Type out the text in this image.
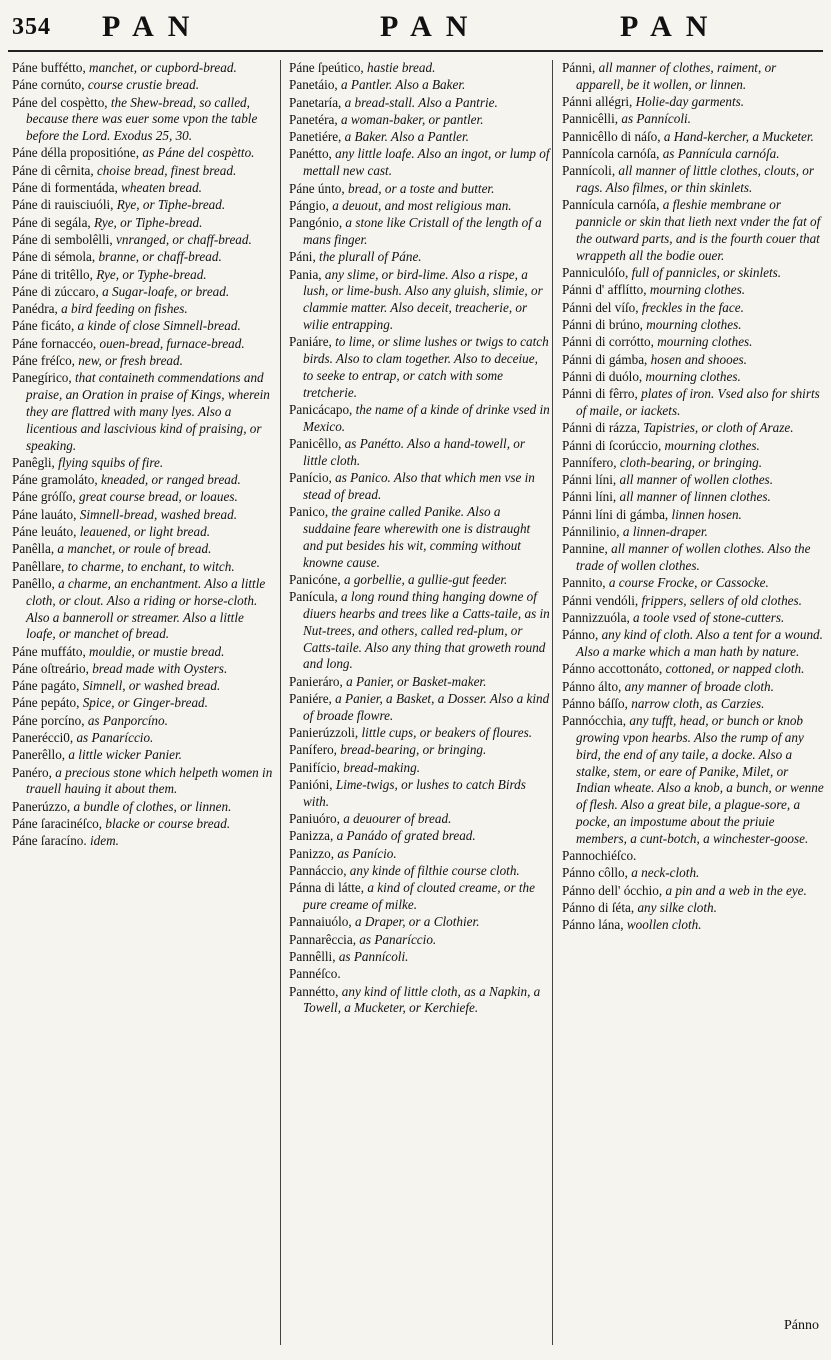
354 PAN	PAN	PAN
Páne buffétto, manchet, or cupbord-bread.
Páne cornúto, course crustie bread.
Páne del cospètto, the Shew-bread, so called, because there was euer some vpon the table before the Lord. Exodus 25, 30.
Páne délla propositióne, as Páne del cospètto.
Páne di cêrnita, choise bread, finest bread.
Páne di formentáda, wheaten bread.
Páne di rauisciuóli, Rye, or Tiphe-bread.
Páne di segála, Rye, or Tiphe-bread.
Páne di sembolêlli, vnranged, or chaff-bread.
Páne di sémola, branne, or chaff-bread.
Páne di tritêllo, Rye, or Typhe-bread.
Páne di zúccaro, a Sugar-loafe, or bread.
Panédra, a bird feeding on fishes.
Páne ficáto, a kinde of close Simnell-bread.
Páne fornaccéo, ouen-bread, furnace-bread.
Páne fréſco, new, or fresh bread.
Panegírico, that containeth commendations and praise, an Oration in praise of Kings, wherein they are flattred with many lyes. Also a licentious and lascivious kind of praising, or speaking.
Panêgli, flying squibs of fire.
Páne gramoláto, kneaded, or ranged bread.
Páne gróſſo, great course bread, or loaues.
Páne lauáto, Simnell-bread, washed bread.
Páne leuáto, leauened, or light bread.
Panêlla, a manchet, or roule of bread.
Panêllare, to charme, to enchant, to witch.
Panêllo, a charme, an enchantment. Also a little cloth, or clout. Also a riding or horse-cloth. Also a banneroll or streamer. Also a little loafe, or manchet of bread.
Páne muffáto, mouldie, or mustie bread.
Páne oſtreário, bread made with Oysters.
Páne pagáto, Simnell, or washed bread.
Páne pepáto, Spice, or Ginger-bread.
Páne porcíno, as Panporcíno.
Panerécci0, as Panaríccio.
Panerêllo, a little wicker Panier.
Panéro, a precious stone which helpeth women in trauell hauing it about them.
Panerúzzo, a bundle of clothes, or linnen.
Páne ſaracinéſco, blacke or course bread.
Páne ſaracíno. idem.
Páne ſpeútico, hastie bread.
Panetáio, a Pantler. Also a Baker.
Panetaría, a bread-stall. Also a Pantrie.
Panetéra, a woman-baker, or pantler.
Panetiére, a Baker. Also a Pantler.
Panétto, any little loafe. Also an ingot, or lump of mettall new cast.
Páne únto, bread, or a toste and butter.
Pángio, a deuout, and most religious man.
Pangónio, a stone like Cristall of the length of a mans finger.
Páni, the plurall of Páne.
Pania, any slime, or bird-lime. Also a rispe, a lush, or lime-bush. Also any gluish, slimie, or clammie matter. Also deceit, treacherie, or wilie entrapping.
Paniáre, to lime, or slime lushes or twigs to catch birds. Also to clam together. Also to deceiue, to seeke to entrap, or catch with some tretcherie.
Panicácapo, the name of a kinde of drinke vsed in Mexico.
Panicêllo, as Panétto. Also a hand-towell, or little cloth.
Panício, as Panico. Also that which men vse in stead of bread.
Panico, the graine called Panike. Also a suddaine feare wherewith one is distraught and put besides his wit, comming without knowne cause.
Panicóne, a gorbellie, a gullie-gut feeder.
Panícula, a long round thing hanging downe of diuers hearbs and trees like a Catts-taile, as in Nut-trees, and others, called red-plum, or Catts-taile. Also any thing that groweth round and long.
Panieráro, a Panier, or Basket-maker.
Paniére, a Panier, a Basket, a Dosser. Also a kind of broade flowre.
Panierúzzoli, little cups, or beakers of floures.
Panífero, bread-bearing, or bringing.
Panifício, bread-making.
Panióni, Lime-twigs, or lushes to catch Birds with.
Paniuóro, a deuourer of bread.
Panizza, a Panádo of grated bread.
Panizzo, as Panício.
Pannáccio, any kinde of filthie course cloth.
Pánna di látte, a kind of clouted creame, or the pure creame of milke.
Pannaiuólo, a Draper, or a Clothier.
Pannarêccia, as Panaríccio.
Pannêlli, as Pannícoli.
Pannéſco.
Pannétto, any kind of little cloth, as a Napkin, a Towell, a Mucketer, or Kerchiefe.
Pánni, all manner of clothes, raiment, or apparell, be it wollen, or linnen.
Pánni allégri, Holie-day garments.
Pannicêlli, as Pannícoli.
Pannicêllo di náſo, a Hand-kercher, a Mucketer.
Pannícola carnóſa, as Pannícula carnóſa.
Pannícoli, all manner of little clothes, clouts, or rags. Also filmes, or thin skinlets.
Pannícula carnóſa, a fleshie membrane or pannicle or skin that lieth next vnder the fat of the outward parts, and is the fourth couer that wrappeth all the bodie ouer.
Panniculóſo, full of pannicles, or skinlets.
Pánni d' afflítto, mourning clothes.
Pánni del víſo, freckles in the face.
Pánni di brúno, mourning clothes.
Pánni di corrótto, mourning clothes.
Pánni di gámba, hosen and shooes.
Pánni di duólo, mourning clothes.
Pánni di fêrro, plates of iron. Vsed also for shirts of maile, or iackets.
Pánni di rázza, Tapistries, or cloth of Araze.
Pánni di ſcorúccio, mourning clothes.
Pannífero, cloth-bearing, or bringing.
Pánni líni, all manner of wollen clothes.
Pánni líni, all manner of linnen clothes.
Pánni líni di gámba, linnen hosen.
Pánnilinio, a linnen-draper.
Pannine, all manner of wollen clothes. Also the trade of wollen clothes.
Pannito, a course Frocke, or Cassocke.
Pánni vendóli, frippers, sellers of old clothes.
Pannizzuóla, a toole vsed of stone-cutters.
Pánno, any kind of cloth. Also a tent for a wound. Also a marke which a man hath by nature.
Pánno accottonáto, cottoned, or napped cloth.
Pánno álto, any manner of broade cloth.
Pánno báſſo, narrow cloth, as Carzies.
Pannócchia, any tufft, head, or bunch or knob growing vpon hearbs. Also the rump of any bird, the end of any taile, a docke. Also a stalke, stem, or eare of Panike, Milet, or Indian wheate. Also a knob, a bunch, or wenne of flesh. Also a great bile, a plague-sore, a pocke, an impostume about the priuie members, a cunt-botch, a winchester-goose.
Pannochiéſco.
Pánno côllo, a neck-cloth.
Pánno dell' ócchio, a pin and a web in the eye.
Pánno di ſéta, any silke cloth.
Pánno lána, woollen cloth.
Pánno
